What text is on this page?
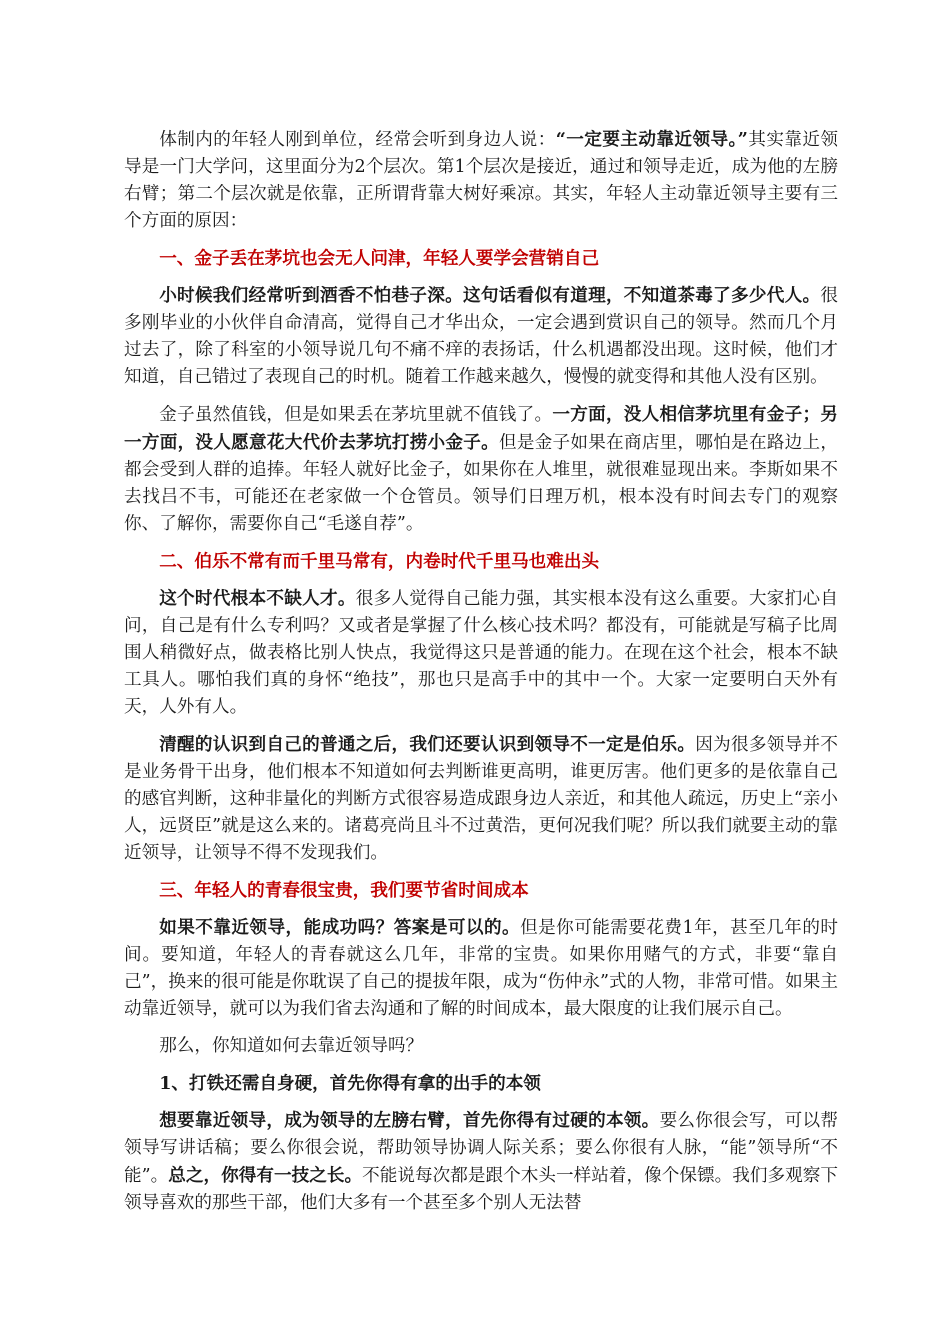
体制内的年轻人刚到单位，经常会听到身边人说：“一定要主动靠近领导。”其实靠近领导是一门大学问，这里面分为2个层次。第1个层次是接近，通过和领导走近，成为他的左膀右臂；第二个层次就是依靠，正所谓背靠大树好乘凉。其实，年轻人主动靠近领导主要有三个方面的原因：

一、金子丢在茅坑也会无人问津，年轻人要学会营销自己

小时候我们经常听到酒香不怕巷子深。这句话看似有道理，不知道茶毒了多少代人。很多刚毕业的小伙伴自命清高，觉得自己才华出众，一定会遇到赏识自己的领导。然而几个月过去了，除了科室的小领导说几句不痛不痒的表扬话，什么机遇都没出现。这时候，他们才知道，自己错过了表现自己的时机。随着工作越来越久，慢慢的就变得和其他人没有区别。

金子虽然值钱，但是如果丢在茅坑里就不值钱了。一方面，没人相信茅坑里有金子；另一方面，没人愿意花大代价去茅坑打捞小金子。但是金子如果在商店里，哪怕是在路边上，都会受到人群的追捧。年轻人就好比金子，如果你在人堆里，就很难显现出来。李斯如果不去找吕不韦，可能还在老家做一个仓管员。领导们日理万机，根本没有时间去专门的观察你、了解你，需要你自己“毛遂自荐”。

二、伯乐不常有而千里马常有，内卷时代千里马也难出头

这个时代根本不缺人才。很多人觉得自己能力强，其实根本没有这么重要。大家扪心自问，自己是有什么专利吗？又或者是掌握了什么核心技术吗？都没有，可能就是写稿子比周围人稍微好点，做表格比别人快点，我觉得这只是普通的能力。在现在这个社会，根本不缺工具人。哪怕我们真的身怀“绝技”，那也只是高手中的其中一个。大家一定要明白天外有天，人外有人。

清醒的认识到自己的普通之后，我们还要认识到领导不一定是伯乐。因为很多领导并不是业务骨干出身，他们根本不知道如何去判断谁更高明，谁更厉害。他们更多的是依靠自己的感官判断，这种非量化的判断方式很容易造成跟身边人亲近，和其他人疏远，历史上“亲小人，远贤臣”就是这么来的。诸葛亮尚且斗不过黄浩，更何况我们呢？所以我们就要主动的靠近领导，让领导不得不发现我们。

三、年轻人的青春很宝贵，我们要节省时间成本

如果不靠近领导，能成功吗？答案是可以的。但是你可能需要花费1年，甚至几年的时间。要知道，年轻人的青春就这么几年，非常的宝贵。如果你用赌气的方式，非要“靠自己”，换来的很可能是你耽误了自己的提拔年限，成为“伤仲永”式的人物，非常可惜。如果主动靠近领导，就可以为我们省去沟通和了解的时间成本，最大限度的让我们展示自己。

那么，你知道如何去靠近领导吗？

1、打铁还需自身硬，首先你得有拿的出手的本领

想要靠近领导，成为领导的左膀右臂，首先你得有过硬的本领。要么你很会写，可以帮领导写讲话稿；要么你很会说，帮助领导协调人际关系；要么你很有人脉，“能”领导所“不能”。总之，你得有一技之长。不能说每次都是跟个木头一样站着，像个保镖。我们多观察下领导喜欢的那些干部，他们大多有一个甚至多个别人无法替
